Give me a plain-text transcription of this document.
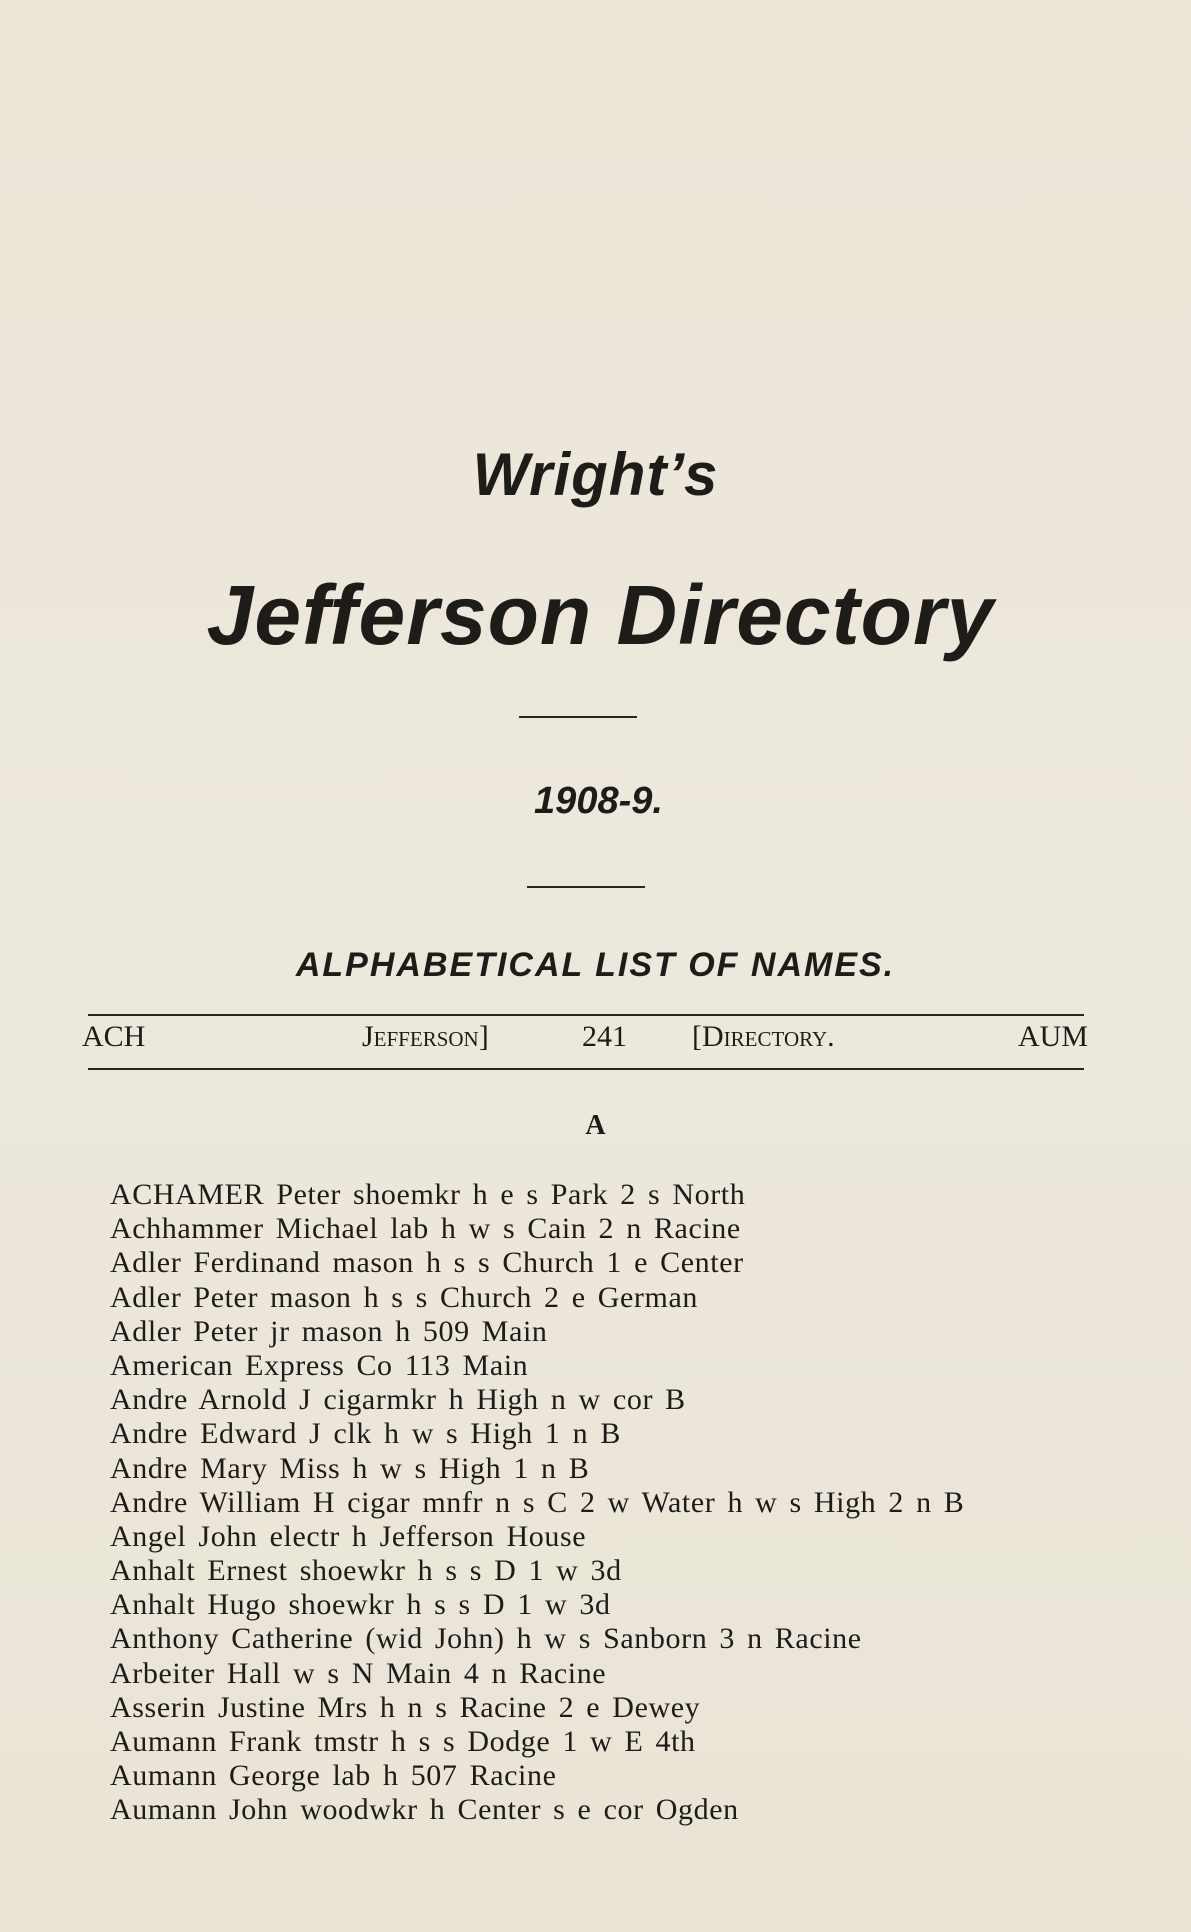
Wright’s
Jefferson Directory
1908-9.
ALPHABETICAL LIST OF NAMES.
ACH	Jefferson]	241 [Directory.	AUM
A
ACHAMER Peter shoemkr h e s Park 2 s North
Achhammer Michael lab h w s Cain 2 n Racine
Adler Ferdinand mason h s s Church 1 e Center
Adler Peter mason h s s Church 2 e German
Adler Peter jr mason h 509 Main
American Express Co 113 Main
Andre Arnold J cigarmkr h High n w cor B
Andre Edward J clk h w s High 1 n B
Andre Mary Miss h w s High 1 n B
Andre William H cigar mnfr n s C 2 w Water h w s High 2 n B
Angel John electr h Jefferson House
Anhalt Ernest shoewkr h s s D 1 w 3d
Anhalt Hugo shoewkr h s s D 1 w 3d
Anthony Catherine (wid John) h w s Sanborn 3 n Racine
Arbeiter Hall w s N Main 4 n Racine
Asserin Justine Mrs h n s Racine 2 e Dewey
Aumann Frank tmstr h s s Dodge 1 w E 4th
Aumann George lab h 507 Racine
Aumann John woodwkr h Center s e cor Ogden
